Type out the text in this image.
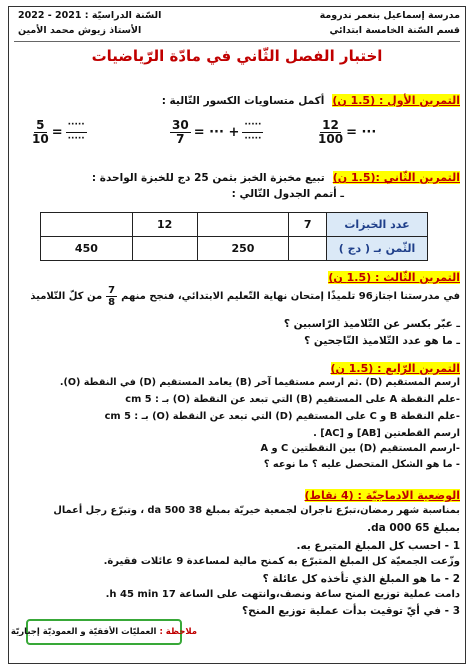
مدرسة إسماعيل بنعمر ندرومة
السّنة الدراسيّة : 2021 - 2022
قسم السّنة الخامسة ابتدائي
الأستاذ زيوش محمد الأمين
اختبار الفصل الثّاني في مادّة الرّياضيات
التمرين الأول : (1.5 ن)
أكمل متساويات الكسور التّالية :
$\frac{12}{100}$ = ···
$\frac{30}{7}$ = ··· + $\frac{\cdot\cdot\cdot\cdot\cdot}{\cdot\cdot\cdot\cdot\cdot}$
$\frac{5}{10} = \frac{\cdot\cdot\cdot\cdot\cdot}{\cdot\cdot\cdot\cdot\cdot}$
التمرين الثّاني :(1.5 ن)
تبيع مخبزة الخبز بثمن 25 دج للخبزة الواحدة :
ـ أتمم الجدول التّالي :
عدد الخبزات	7		12	
الثّمن بـ ( دج )		250		450
التمرين الثّالث : (1.5 ن)
في مدرستنا اجتاز96 تلميذًا إمتحان نهاية التّعليم الابتدائي، فنجح منهم
$\frac{7}{8}$
من كلّ التّلاميذ
ـ عبّر بكسر عن التّلاميذ الرّاسبين ؟
ـ ما هو عدد التّلاميذ النّاجحين ؟
التمرين الرّابع : (1.5 ن)
ارسم المستقيم (D) .ثم ارسم مستقيما آخر (B) يعامد المستقيم (D) في النقطة (O).
-علم النقطة A على المستقيم (B) التي تبعد عن النقطة (O) بـ : 5 cm
-علم النقطة B و C على المستقيم (D) التي تبعد عن النقطة (O) بـ : 5 cm
ارسم القطعتين [AB] و [AC] .
-ارسم المستقيم (D) بين النقطتين C و A
- ما هو الشكل المتحصل عليه ؟ ما نوعه ؟
الوضعية الادماجيّة : (4 نقاط)
بمناسبة شهر رمضان،تبرّع تاجران لجمعية خيريّة بمبلغ 38 500 da ، وتبرّع رجل أعمال
بمبلغ 65 000 da.
1 - احسب كل المبلغ المتبرع به.
وزّعت الجمعيّة كل المبلغ المتبرّع به كمنح مالية لمساعدة 9 عائلات فقيرة.
2 - ما هو المبلغ الذي تأخذه كل عائلة ؟
دامت عملية توزيع المنح ساعة ونصف،وانتهت على الساعة 17 h 45 min.
3 - في أيّ توقيت بدأت عملية توزيع المنح؟
ملاحظة :
العمليّات الأفقيّة و العموديّة إجباريّة
